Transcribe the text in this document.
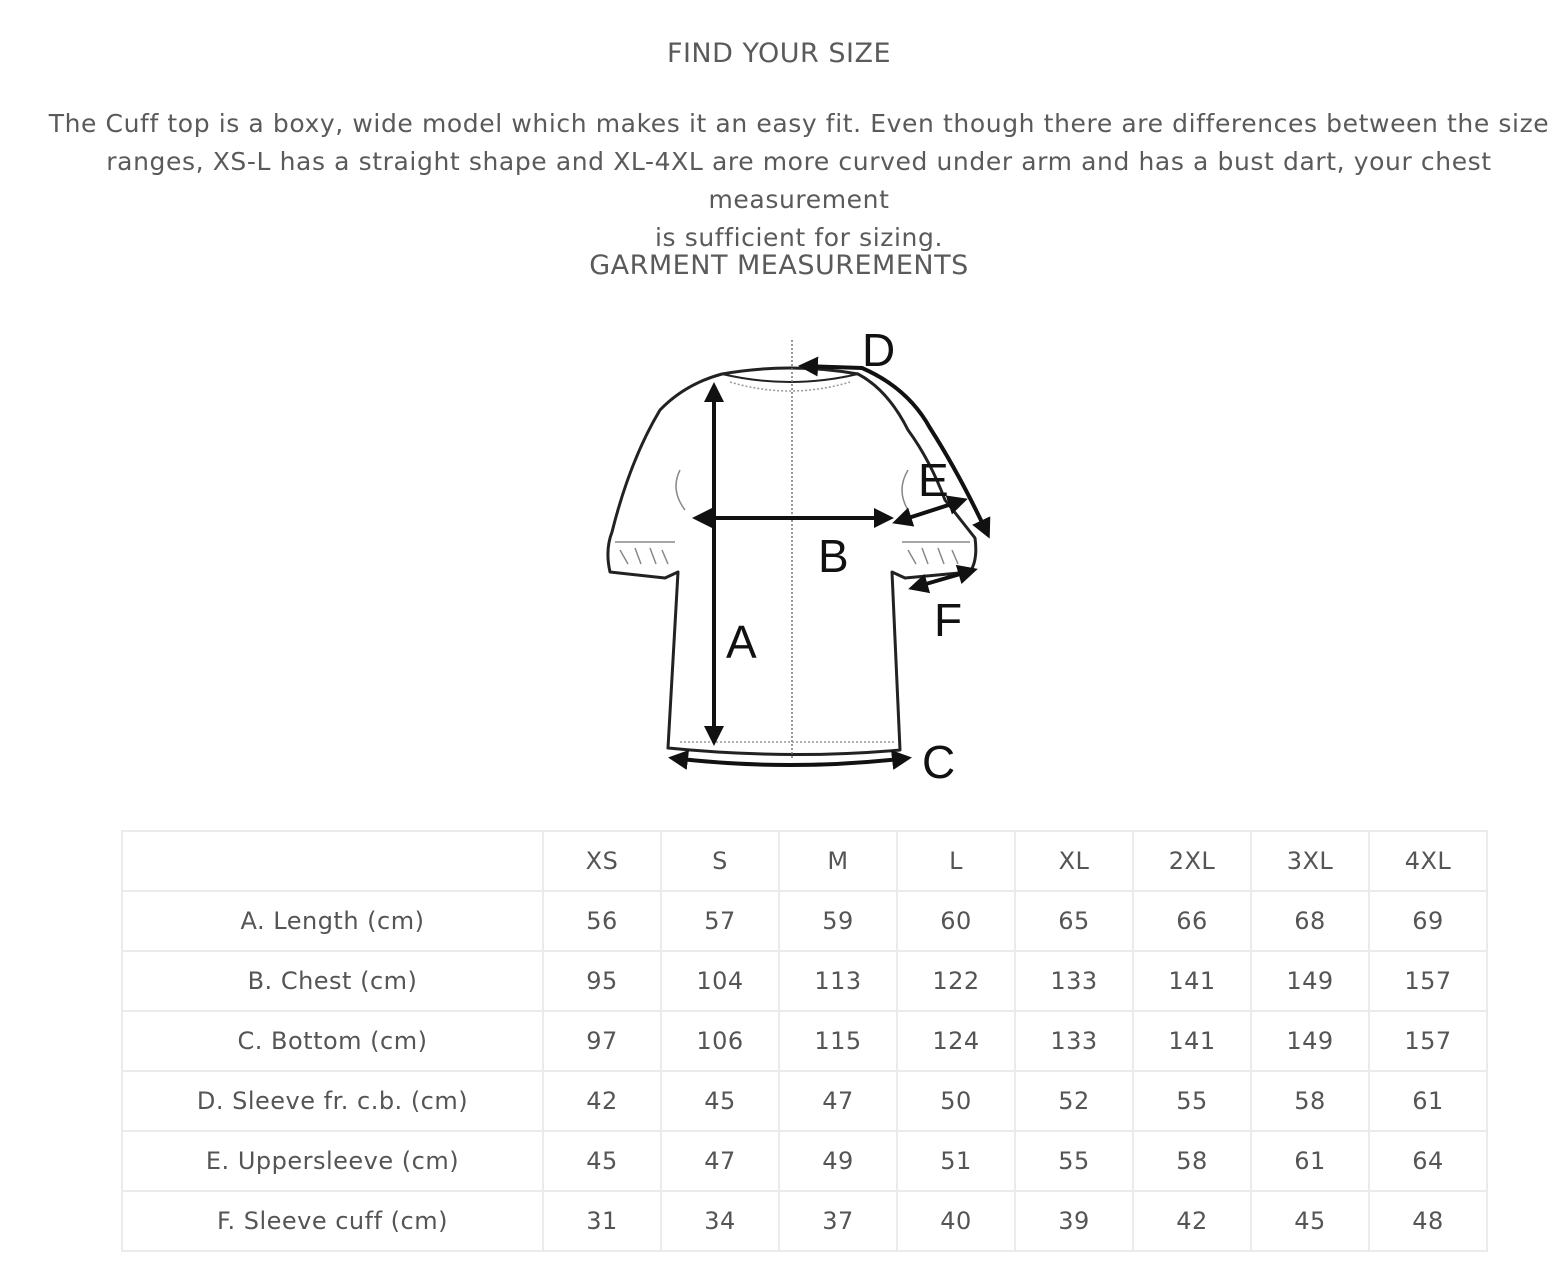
FIND YOUR SIZE
The Cuff top is a boxy, wide model which makes it an easy fit. Even though there are differences between the size
ranges, XS-L has a straight shape and XL-4XL are more curved under arm and has a bust dart, your chest measurement
is sufficient for sizing.
GARMENT MEASUREMENTS
D
E
B
F
A
C
	XS	S	M	L	XL	2XL	3XL	4XL
A. Length (cm)	56	57	59	60	65	66	68	69
B. Chest (cm)	95	104	113	122	133	141	149	157
C. Bottom (cm)	97	106	115	124	133	141	149	157
D. Sleeve fr. c.b. (cm)	42	45	47	50	52	55	58	61
E. Uppersleeve (cm)	45	47	49	51	55	58	61	64
F. Sleeve cuff (cm)	31	34	37	40	39	42	45	48
